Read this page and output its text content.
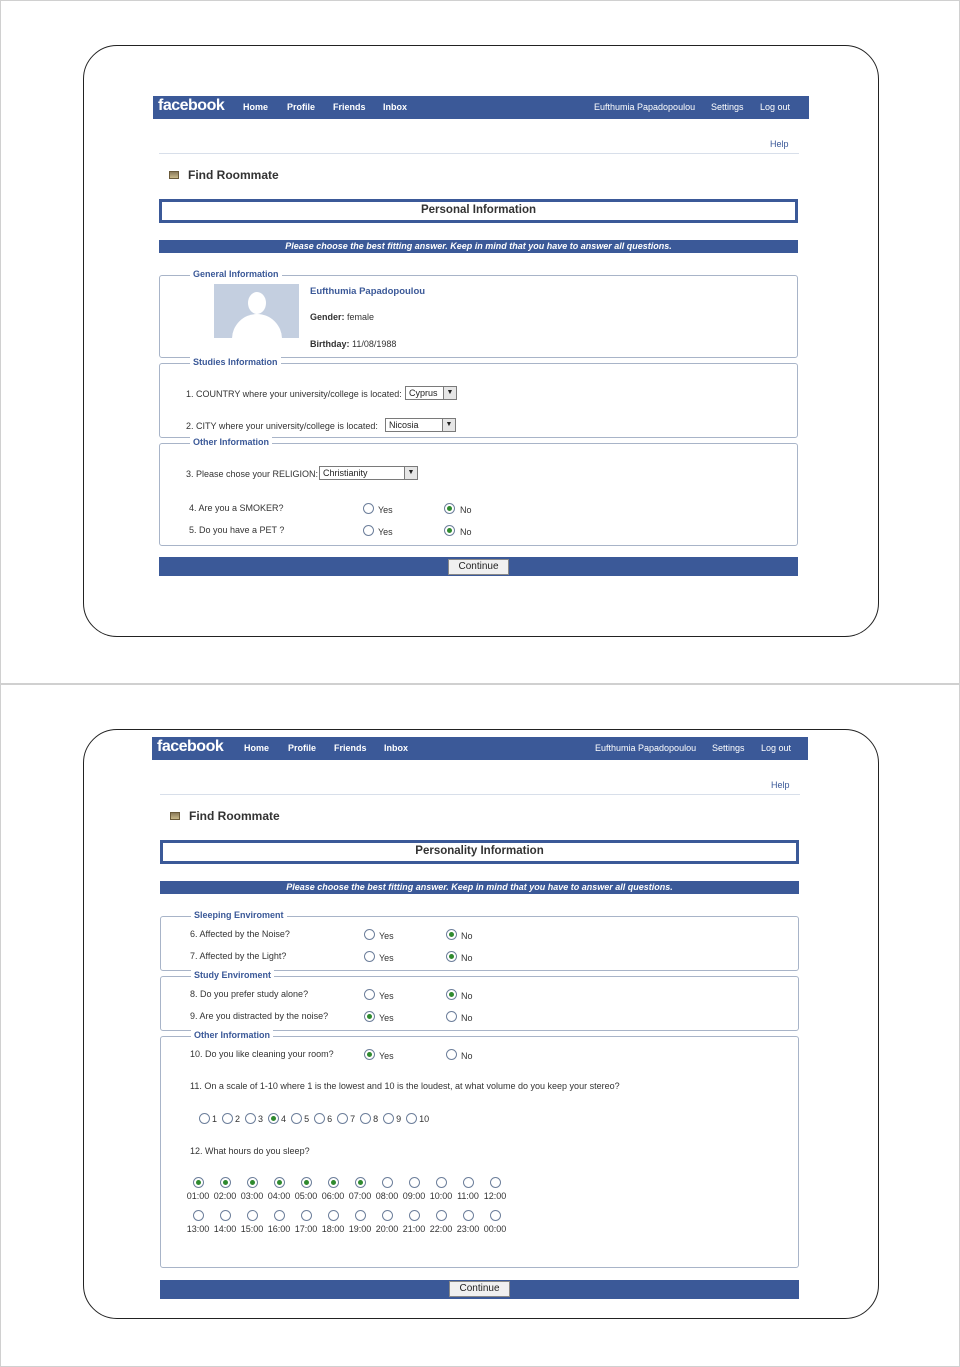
facebook Home Profile Friends Inbox	Eufthumia Papadopoulou Settings Log out
Help
Find Roommate
Personal Information
Please choose the best fitting answer. Keep in mind that you have to answer all questions.
General Information
Eufthumia Papadopoulou
Gender: female
Birthday: 11/08/1988
Studies Information
1. COUNTRY where your university/college is located: Cyprus	▼
2. CITY where your university/college is located:	Nicosia	▼
Other Information
3. Please chose your RELIGION: Christianity	▼
4. Are you a SMOKER?	Yes	No
5. Do you have a PET ?	Yes	No
Continue
facebook Home Profile Friends Inbox	Eufthumia Papadopoulou Settings Log out
Help
Find Roommate
Personality Information
Please choose the best fitting answer. Keep in mind that you have to answer all questions.
Sleeping Enviroment
6. Affected by the Noise?	Yes	No
7. Affected by the Light?	Yes	No
Study Enviroment
8. Do you prefer study alone?	Yes	No
9. Are you distracted by the noise?	Yes	No
Other Information
10. Do you like cleaning your room?	Yes	No
11. On a scale of 1-10 where 1 is the lowest and 10 is the loudest, at what volume do you keep your stereo?
1 2 3 4 5 6 7 8 9 10
12. What hours do you sleep?
01:00 02:00 03:00 04:00 05:00 06:00 07:00 08:00 09:00 10:00 11:00 12:00
13:00 14:00 15:00 16:00 17:00 18:00 19:00 20:00 21:00 22:00 23:00 00:00
Continue
